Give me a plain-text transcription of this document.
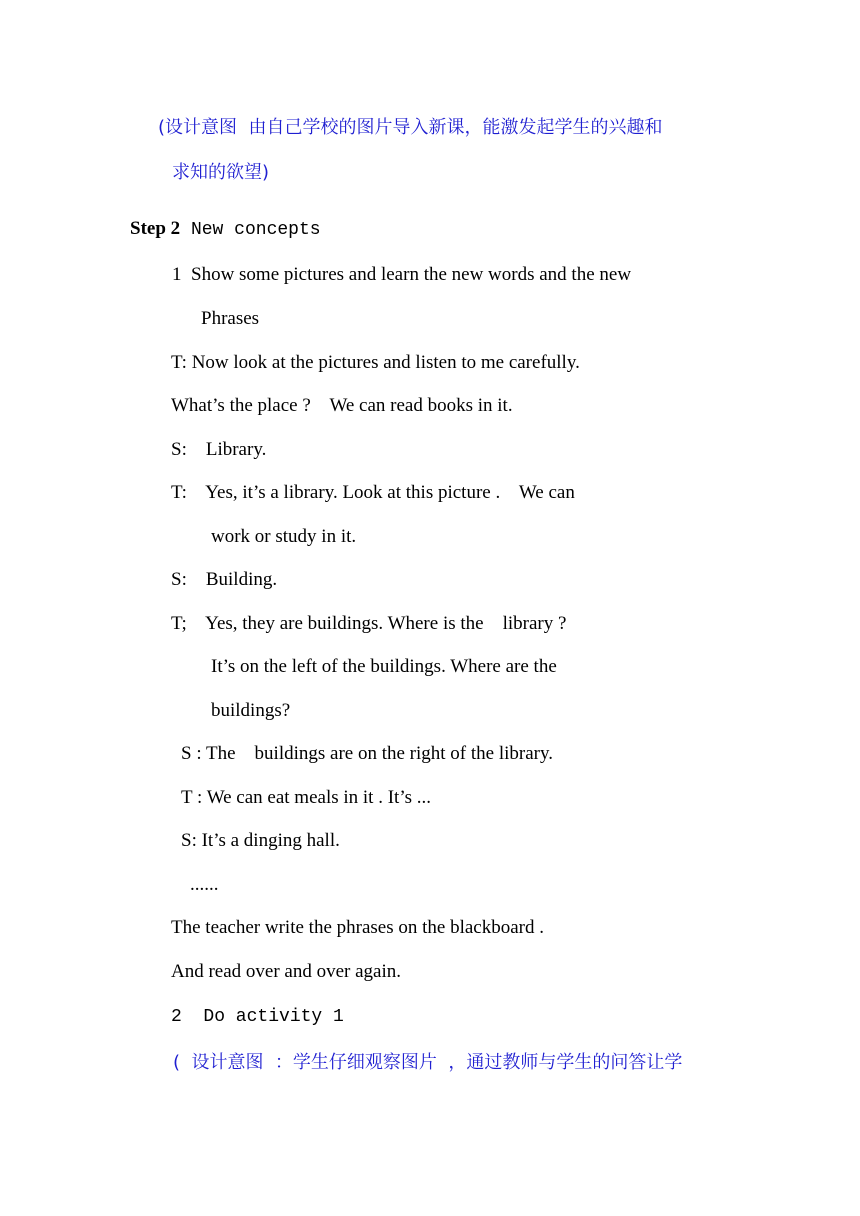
(设计意图  由自己学校的图片导入新课，能激发起学生的兴趣和
求知的欲望)
Step 2 New concepts
1  Show some pictures and learn the new words and the new
Phrases
T: Now look at the pictures and listen to me carefully.
What’s the place ?    We can read books in it.
S:    Library.
T:    Yes, it’s a library. Look at this picture .    We can
work or study in it.
S:    Building.
T;    Yes, they are buildings. Where is the    library ?
It’s on the left of the buildings. Where are the
buildings?
S : The    buildings are on the right of the library.
T : We can eat meals in it . It’s ...
S: It’s a dinging hall.
......
The teacher write the phrases on the blackboard .
And read over and over again.
2  Do activity 1
(  设计意图  ：学生仔细观察图片  ，通过教师与学生的问答让学
